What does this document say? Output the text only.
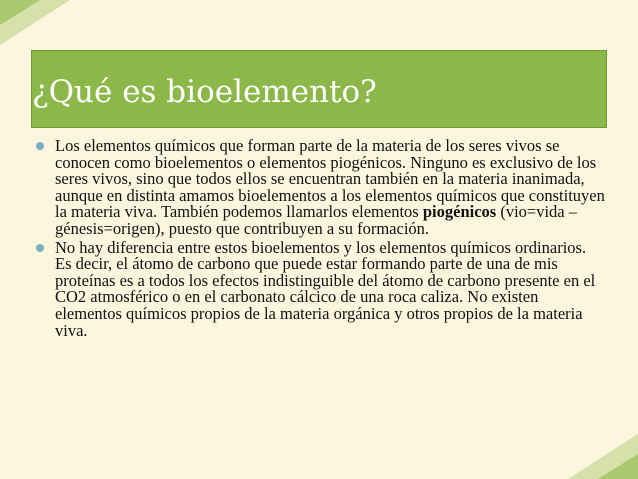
¿Qué es bioelemento?
Los elementos químicos que forman parte de la materia de los seres vivos se conocen como bioelementos o elementos piogénicos. Ninguno es exclusivo de los seres vivos, sino que todos ellos se encuentran también en la materia inanimada, aunque en distinta amamos bioelementos a los elementos químicos que constituyen la materia viva. También podemos llamarlos elementos piogénicos (vio=vida – génesis=origen), puesto que contribuyen a su formación.
No hay diferencia entre estos bioelementos y los elementos químicos ordinarios. Es decir, el átomo de carbono que puede estar formando parte de una de mis proteínas es a todos los efectos indistinguible del átomo de carbono presente en el CO2 atmosférico o en el carbonato cálcico de una roca caliza. No existen elementos químicos propios de la materia orgánica y otros propios de la materia viva.
